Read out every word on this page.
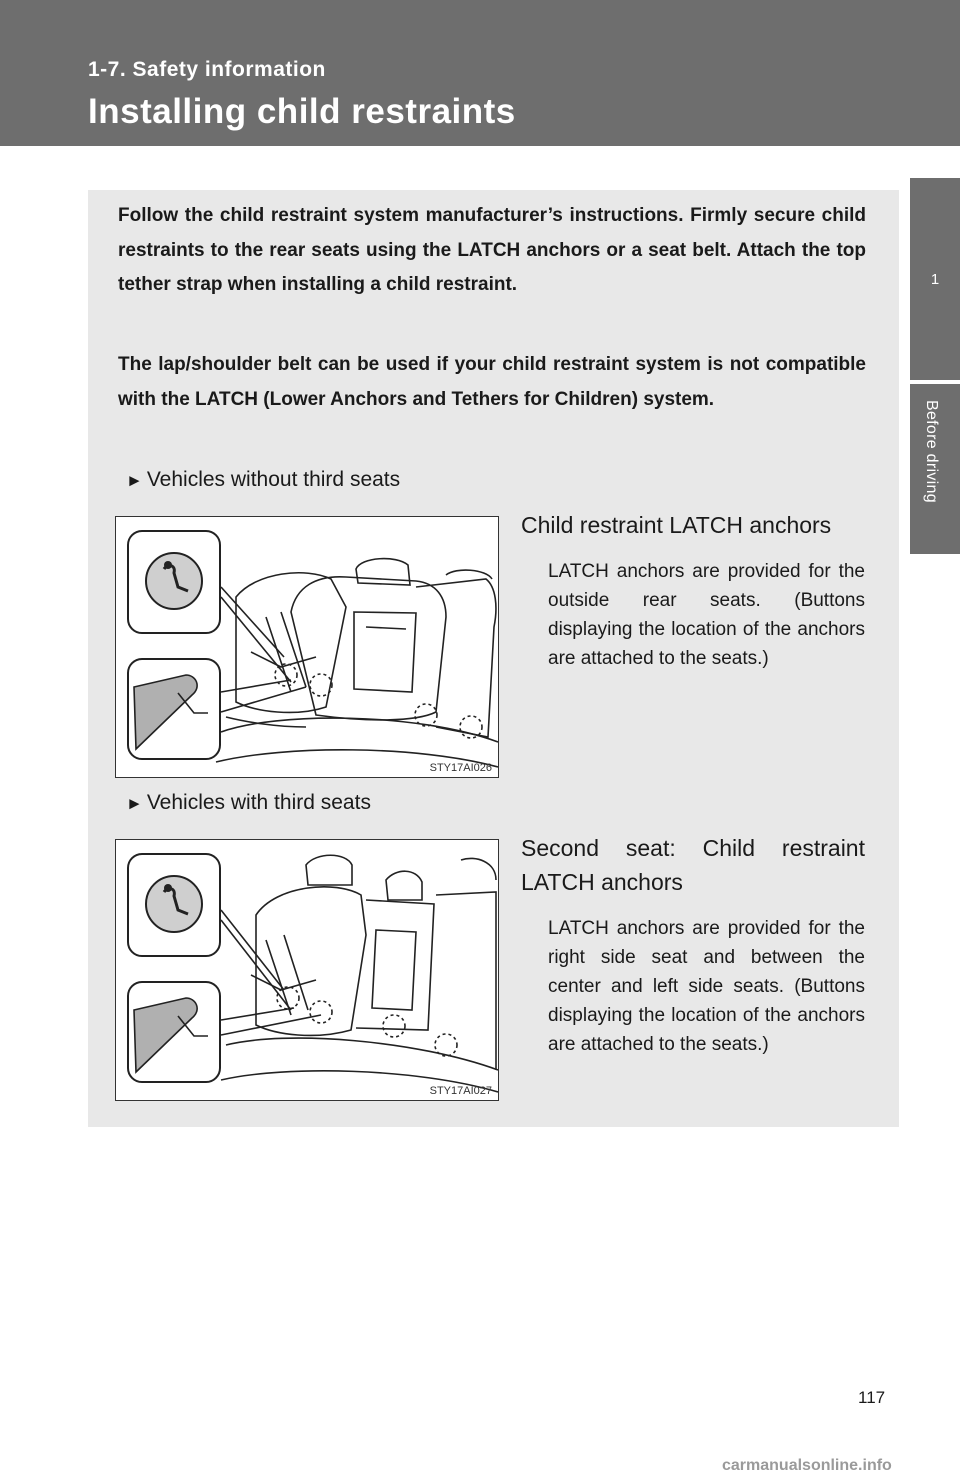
1-7. Safety information
Installing child restraints
1
Before driving

Follow the child restraint system manufacturer’s instructions. Firmly secure child restraints to the rear seats using the LATCH anchors or a seat belt. Attach the top tether strap when installing a child restraint.

The lap/shoulder belt can be used if your child restraint system is not compatible with the LATCH (Lower Anchors and Tethers for Children) system.

► Vehicles without third seats
STY17AI026
Child restraint LATCH anchors
LATCH anchors are provided for the outside rear seats. (Buttons displaying the location of the anchors are attached to the seats.)
► Vehicles with third seats
STY17AI027
Second seat: Child restraint LATCH anchors
LATCH anchors are provided for the right side seat and between the center and left side seats. (Buttons displaying the location of the anchors are attached to the seats.)
117
carmanualsonline.info
